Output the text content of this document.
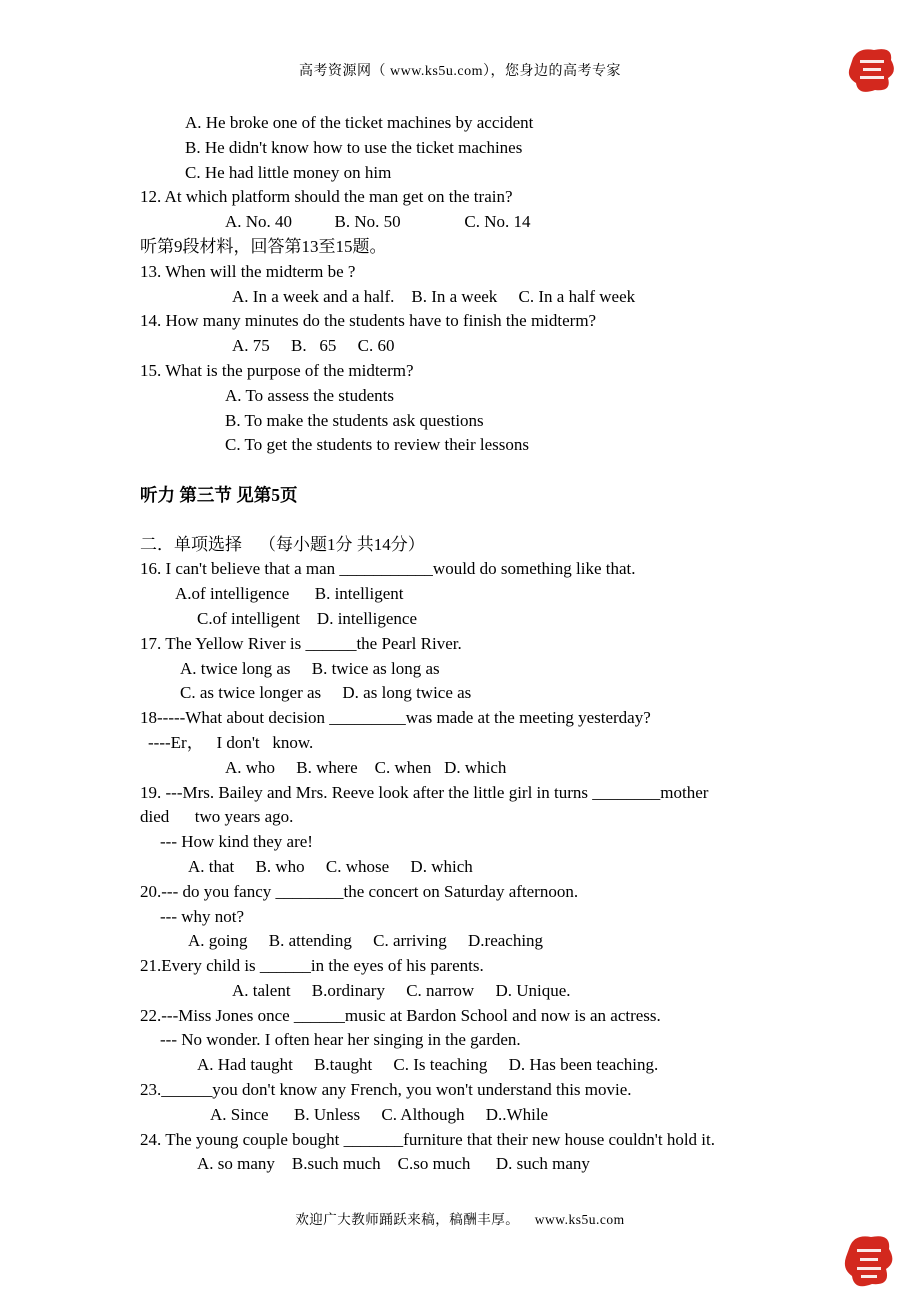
高考资源网（ www.ks5u.com），您身边的高考专家

A. He broke one of the ticket machines by accident

B. He didn't know how to use the ticket machines

C. He had little money on him

12. At which platform should the man get on the train?

A. No. 40          B. No. 50               C. No. 14

听第9段材料，回答第13至15题。

13. When will the midterm be ?

A. In a week and a half.    B. In a week     C. In a half week

14. How many minutes do the students have to finish the midterm?

A. 75     B.   65     C. 60

15. What is the purpose of the midterm?

A. To assess the students

B. To make the students ask questions

C. To get the students to review their lessons

听力 第三节 见第5页

二．单项选择    （每小题1分 共14分）

16. I can't believe that a man ___________would do something like that.

A.of intelligence      B. intelligent

C.of intelligent    D. intelligence

17. The Yellow River is ______the Pearl River.

A. twice long as     B. twice as long as

C. as twice longer as     D. as long twice as

18-----What about decision _________was made at the meeting yesterday?

----Er，   I don't   know.

A. who     B. where    C. when   D. which

19. ---Mrs. Bailey and Mrs. Reeve look after the little girl in turns ________mother

died      two years ago.

--- How kind they are!

A. that     B. who     C. whose     D. which

20.--- do you fancy ________the concert on Saturday afternoon.

--- why not?

A. going     B. attending     C. arriving     D.reaching

21.Every child is ______in the eyes of his parents.

A. talent     B.ordinary     C. narrow     D. Unique.

22.---Miss Jones once ______music at Bardon School and now is an actress.

--- No wonder. I often hear her singing in the garden.

A. Had taught     B.taught     C. Is teaching     D. Has been teaching.

23.______you don't know any French, you won't understand this movie.

A. Since      B. Unless     C. Although     D..While

24. The young couple bought _______furniture that their new house couldn't hold it.

A. so many    B.such much    C.so much      D. such many

欢迎广大教师踊跃来稿，稿酬丰厚。    www.ks5u.com
